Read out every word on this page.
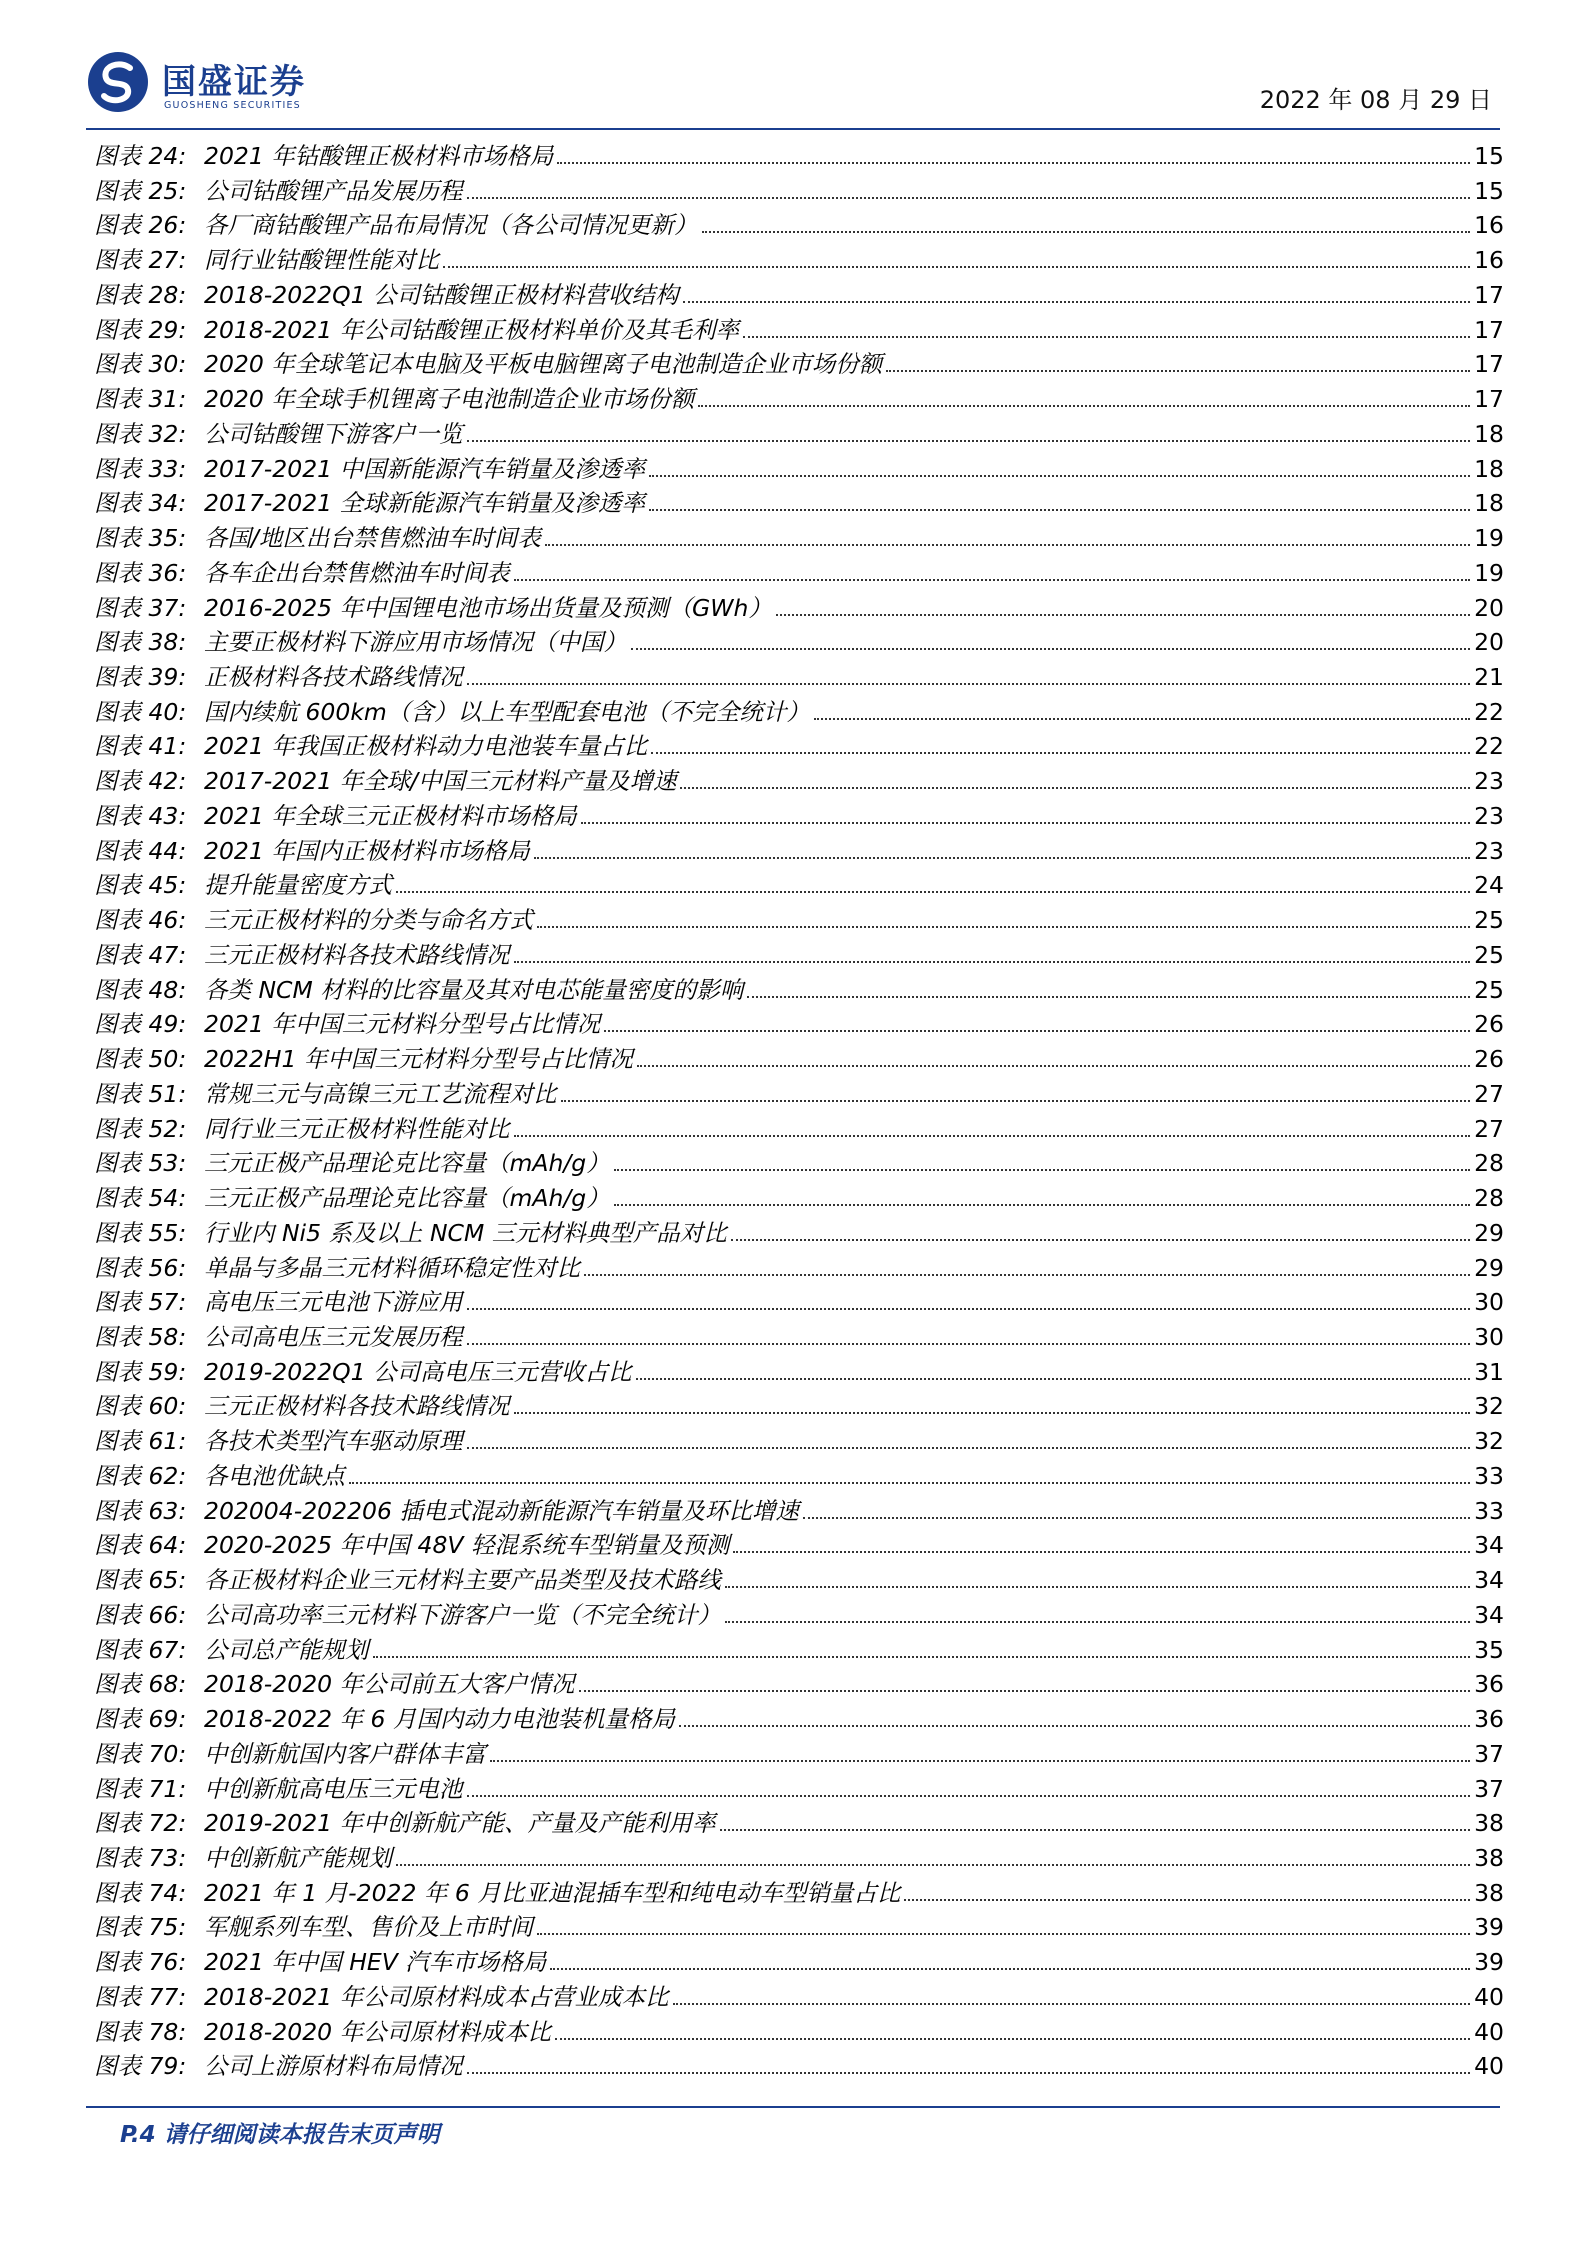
国盛证券
GUOSHENG SECURITIES	2022 年 08 月 29 日
图表 24: 2021 年钴酸锂正极材料市场格局	15
图表 25: 公司钴酸锂产品发展历程	15
图表 26: 各厂商钴酸锂产品布局情况（各公司情况更新）	16
图表 27: 同行业钴酸锂性能对比	16
图表 28: 2018-2022Q1 公司钴酸锂正极材料营收结构	17
图表 29: 2018-2021 年公司钴酸锂正极材料单价及其毛利率	17
图表 30: 2020 年全球笔记本电脑及平板电脑锂离子电池制造企业市场份额	17
图表 31: 2020 年全球手机锂离子电池制造企业市场份额	17
图表 32: 公司钴酸锂下游客户一览	18
图表 33: 2017-2021 中国新能源汽车销量及渗透率	18
图表 34: 2017-2021 全球新能源汽车销量及渗透率	18
图表 35: 各国/地区出台禁售燃油车时间表	19
图表 36: 各车企出台禁售燃油车时间表	19
图表 37: 2016-2025 年中国锂电池市场出货量及预测（GWh）	20
图表 38: 主要正极材料下游应用市场情况（中国）	20
图表 39: 正极材料各技术路线情况	21
图表 40: 国内续航 600km（含）以上车型配套电池（不完全统计）	22
图表 41: 2021 年我国正极材料动力电池装车量占比	22
图表 42: 2017-2021 年全球/中国三元材料产量及增速	23
图表 43: 2021 年全球三元正极材料市场格局	23
图表 44: 2021 年国内正极材料市场格局	23
图表 45: 提升能量密度方式	24
图表 46: 三元正极材料的分类与命名方式	25
图表 47: 三元正极材料各技术路线情况	25
图表 48: 各类 NCM 材料的比容量及其对电芯能量密度的影响	25
图表 49: 2021 年中国三元材料分型号占比情况	26
图表 50: 2022H1 年中国三元材料分型号占比情况	26
图表 51: 常规三元与高镍三元工艺流程对比	27
图表 52: 同行业三元正极材料性能对比	27
图表 53: 三元正极产品理论克比容量（mAh/g）	28
图表 54: 三元正极产品理论克比容量（mAh/g）	28
图表 55: 行业内 Ni5 系及以上 NCM 三元材料典型产品对比	29
图表 56: 单晶与多晶三元材料循环稳定性对比	29
图表 57: 高电压三元电池下游应用	30
图表 58: 公司高电压三元发展历程	30
图表 59: 2019-2022Q1 公司高电压三元营收占比	31
图表 60: 三元正极材料各技术路线情况	32
图表 61: 各技术类型汽车驱动原理	32
图表 62: 各电池优缺点	33
图表 63: 202004-202206 插电式混动新能源汽车销量及环比增速	33
图表 64: 2020-2025 年中国 48V 轻混系统车型销量及预测	34
图表 65: 各正极材料企业三元材料主要产品类型及技术路线	34
图表 66: 公司高功率三元材料下游客户一览（不完全统计）	34
图表 67: 公司总产能规划	35
图表 68: 2018-2020 年公司前五大客户情况	36
图表 69: 2018-2022 年 6 月国内动力电池装机量格局	36
图表 70: 中创新航国内客户群体丰富	37
图表 71: 中创新航高电压三元电池	37
图表 72: 2019-2021 年中创新航产能、产量及产能利用率	38
图表 73: 中创新航产能规划	38
图表 74: 2021 年 1 月-2022 年 6 月比亚迪混插车型和纯电动车型销量占比	38
图表 75: 军舰系列车型、售价及上市时间	39
图表 76: 2021 年中国 HEV 汽车市场格局	39
图表 77: 2018-2021 年公司原材料成本占营业成本比	40
图表 78: 2018-2020 年公司原材料成本比	40
图表 79: 公司上游原材料布局情况	40
P.4 请仔细阅读本报告末页声明
